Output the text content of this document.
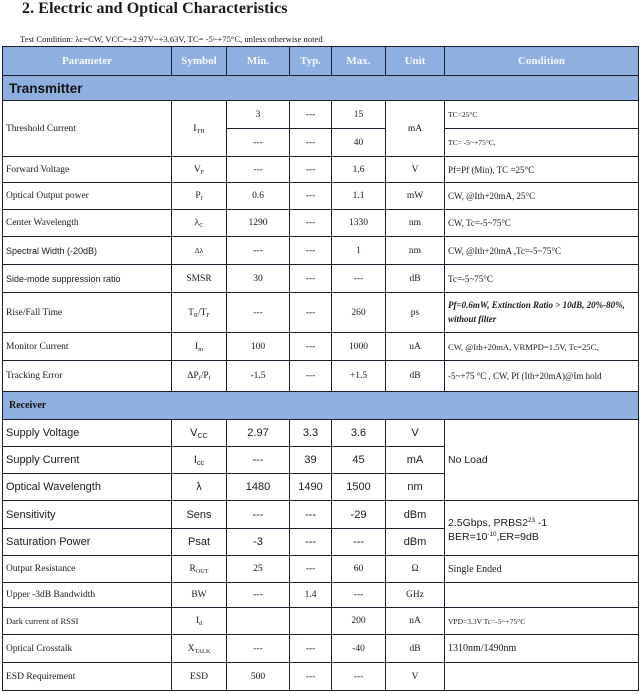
2. Electric and Optical Characteristics
Test Condition: λc=CW, VCC=+2.97V~+3.63V, TC= -5~+75°C, unless otherwise noted
Parameter	Symbol	Min.	Typ.	Max.	Unit	Condition
Transmitter
Threshold Current	$I_{TH}$	3	---	15	mA	TC=25°C
---	---	40	TC= -5~+75°C,
Forward Voltage	$V_F$	---	---	1.6	V	Pf=Pf (Min), TC =25°C
Optical Output power	$P_f$	0.6	---	1.1	mW	CW, @Ith+20mA, 25°C
Center Wavelength	$\lambda_C$	1290	---	1330	nm	CW, Tc=-5~75°C
Spectral Width (-20dB)	Δλ	---	---	1	nm	CW, @Ith+20mA ,Tc=-5~75°C
Side-mode suppression ratio	SMSR	30	---	---	dB	Tc=-5~75°C
Rise/Fall Time	$T_R/T_F$	---	---	260	ps	Pf=0.6mW, Extinction Ratio > 10dB, 20%-80%, without filter
Monitor Current	$I_m$	100	---	1000	uA	CW, @Ith+20mA, VRMPD=1.5V, Tc=25C,
Tracking Error	$\Delta P_f/P_f$	-1.5	---	+1.5	dB	-5~+75 °C , CW, Pf (Ith+20mA)@Im hold
Receiver
Supply Voltage	$V_{CC}$	2.97	3.3	3.6	V	No Load
Supply Current	$I_{cc}$	---	39	45	mA
Optical Wavelength	λ	1480	1490	1500	nm
Sensitivity	Sens	---	---	-29	dBm	2.5Gbps, $PRBS2^{23}$ -1
$BER=10^{-10},ER=9dB$
Saturation Power	Psat	-3	---	---	dBm
Output Resistance	$R_{OUT}$	25	---	60	Ω	Single Ended
Upper -3dB Bandwidth	BW	---	1.4	---	GHz	
Dark current of RSSI	$I_d$			200	nA	VPD=3.3V Tc=-5~+75°C
Optical Crosstalk	$X_{TALK}$	---	---	-40	dB	1310nm/1490nm
ESD Requirement	ESD	500	---	---	V	
